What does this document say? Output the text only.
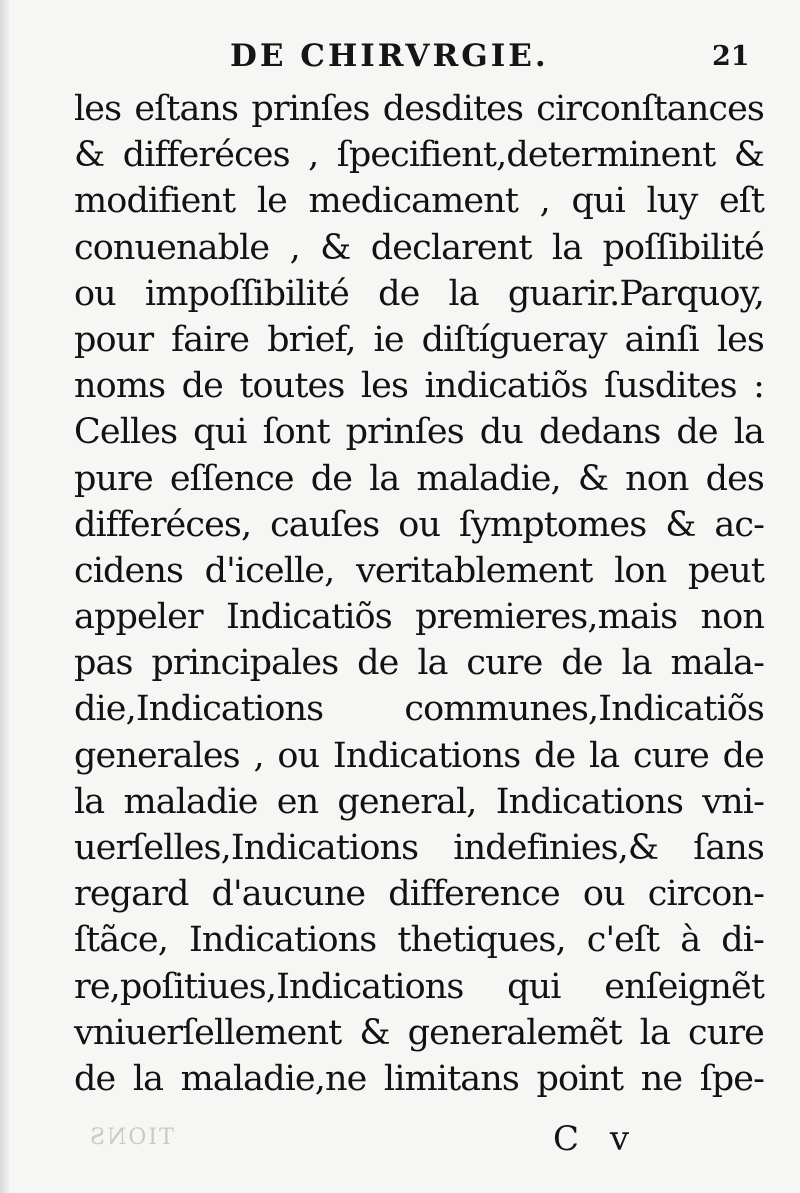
DE CHIRVRGIE.	21
les eſtans prinſes desdites circonſtances
& differéces , ſpecifient,determinent &
modifient le medicament , qui luy eſt
conuenable , & declarent la poſſibilité
ou impoſſibilité de la guarir.Parquoy,
pour faire brief, ie diſtígueray ainſi les
noms de toutes les indicatiõs ſusdites :
Celles qui ſont prinſes du dedans de la
pure eſſence de la maladie, & non des
differéces, cauſes ou ſymptomes & ac-
cidens d'icelle, veritablement lon peut
appeler Indicatiõs premieres,mais non
pas principales de la cure de la mala-
die,Indications communes,Indicatiõs
generales , ou Indications de la cure de
la maladie en general, Indications vni-
uerſelles,Indications indefinies,& ſans
regard d'aucune difference ou circon-
ſtãce, Indications thetiques, c'eſt à di-
re,poſitiues,Indications qui enſeignẽt
vniuerſellement & generalemẽt la cure
de la maladie,ne limitans point ne ſpe-
TIONS	C v
